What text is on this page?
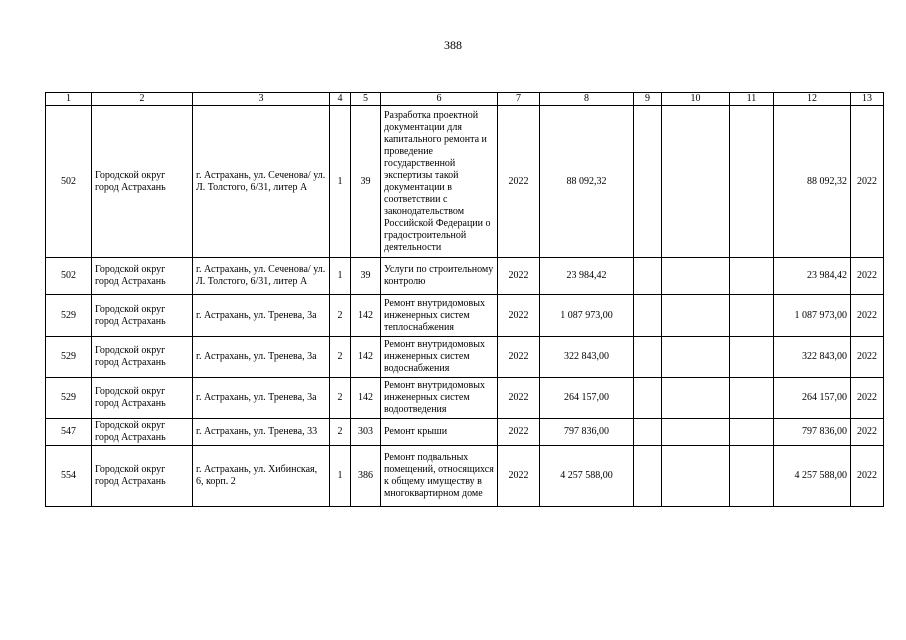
388
1	2	3	4	5	6	7	8	9	10	11	12	13
502	Городской округ город Астрахань	г. Астрахань, ул. Сеченова/ ул. Л. Толстого, 6/31, литер А	1	39	Разработка проектной документации для капитального ремонта и проведение государственной экспертизы такой документации в соответствии с законодательством Российской Федерации о градостроительной деятельности	2022	88 092,32				88 092,32	2022
502	Городской округ город Астрахань	г. Астрахань, ул. Сеченова/ ул. Л. Толстого, 6/31, литер А	1	39	Услуги по строительному контролю	2022	23 984,42				23 984,42	2022
529	Городской округ город Астрахань	г. Астрахань, ул. Тренева, 3а	2	142	Ремонт внутридомовых инженерных систем теплоснабжения	2022	1 087 973,00				1 087 973,00	2022
529	Городской округ город Астрахань	г. Астрахань, ул. Тренева, 3а	2	142	Ремонт внутридомовых инженерных систем водоснабжения	2022	322 843,00				322 843,00	2022
529	Городской округ город Астрахань	г. Астрахань, ул. Тренева, 3а	2	142	Ремонт внутридомовых инженерных систем водоотведения	2022	264 157,00				264 157,00	2022
547	Городской округ город Астрахань	г. Астрахань, ул. Тренева, 33	2	303	Ремонт крыши	2022	797 836,00				797 836,00	2022
554	Городской округ город Астрахань	г. Астрахань, ул. Хибинская, 6, корп. 2	1	386	Ремонт подвальных помещений, относящихся к общему имуществу в многоквартирном доме	2022	4 257 588,00				4 257 588,00	2022
